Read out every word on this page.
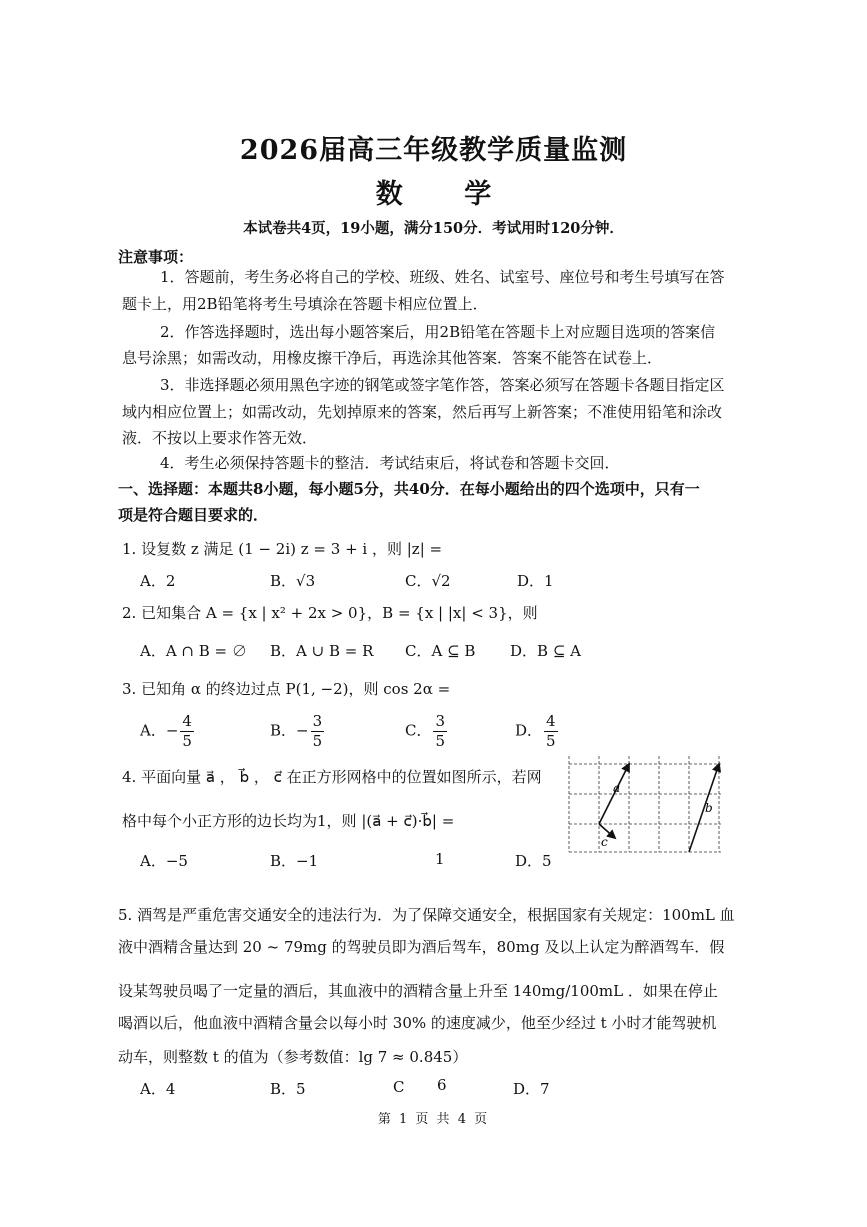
2026届高三年级教学质量监测
数 学
本试卷共4页，19小题，满分150分．考试用时120分钟．
注意事项：
1．答题前，考生务必将自己的学校、班级、姓名、试室号、座位号和考生号填写在答
题卡上，用2B铅笔将考生号填涂在答题卡相应位置上．
2．作答选择题时，选出每小题答案后，用2B铅笔在答题卡上对应题目选项的答案信
息号涂黑；如需改动，用橡皮擦干净后，再选涂其他答案．答案不能答在试卷上．
3．非选择题必须用黑色字迹的钢笔或签字笔作答，答案必须写在答题卡各题目指定区
域内相应位置上；如需改动，先划掉原来的答案，然后再写上新答案；不准使用铅笔和涂改
液．不按以上要求作答无效．
4．考生必须保持答题卡的整洁．考试结束后，将试卷和答题卡交回．
一、选择题：本题共8小题，每小题5分，共40分．在每小题给出的四个选项中，只有一
项是符合题目要求的．
1. 设复数 z 满足 (1 − 2i) z = 3 + i ，则 |z| =
A．2	B．√3	C．√2	D．1
2. 已知集合 A = {x | x² + 2x > 0}，B = {x | |x| < 3}，则
A．A ∩ B = ∅ B．A ∪ B = R C．A ⊆ B D．B ⊆ A
3. 已知角 α 的终边过点 P(1, −2)，则 cos 2α =
A．− $\frac{4}{5}$	B．− $\frac{3}{5}$	C． $\frac{3}{5}$	D． $\frac{4}{5}$
4. 平面向量 a⃗ ， b⃗ ， c⃗ 在正方形网格中的位置如图所示，若网
格中每个小正方形的边长均为1，则 |(a⃗ + c⃗)·b⃗| =
A．−5	B．−1	1	D．5
a
b
c
5. 酒驾是严重危害交通安全的违法行为．为了保障交通安全，根据国家有关规定：100mL 血
液中酒精含量达到 20 ~ 79mg 的驾驶员即为酒后驾车，80mg 及以上认定为醉酒驾车．假
设某驾驶员喝了一定量的酒后，其血液中的酒精含量上升至 140mg/100mL ．如果在停止
喝酒以后，他血液中酒精含量会以每小时 30% 的速度减少，他至少经过 t 小时才能驾驶机
动车，则整数 t 的值为（参考数值：lg 7 ≈ 0.845）
A．4	B．5	C 6	D．7
第 1 页 共 4 页
